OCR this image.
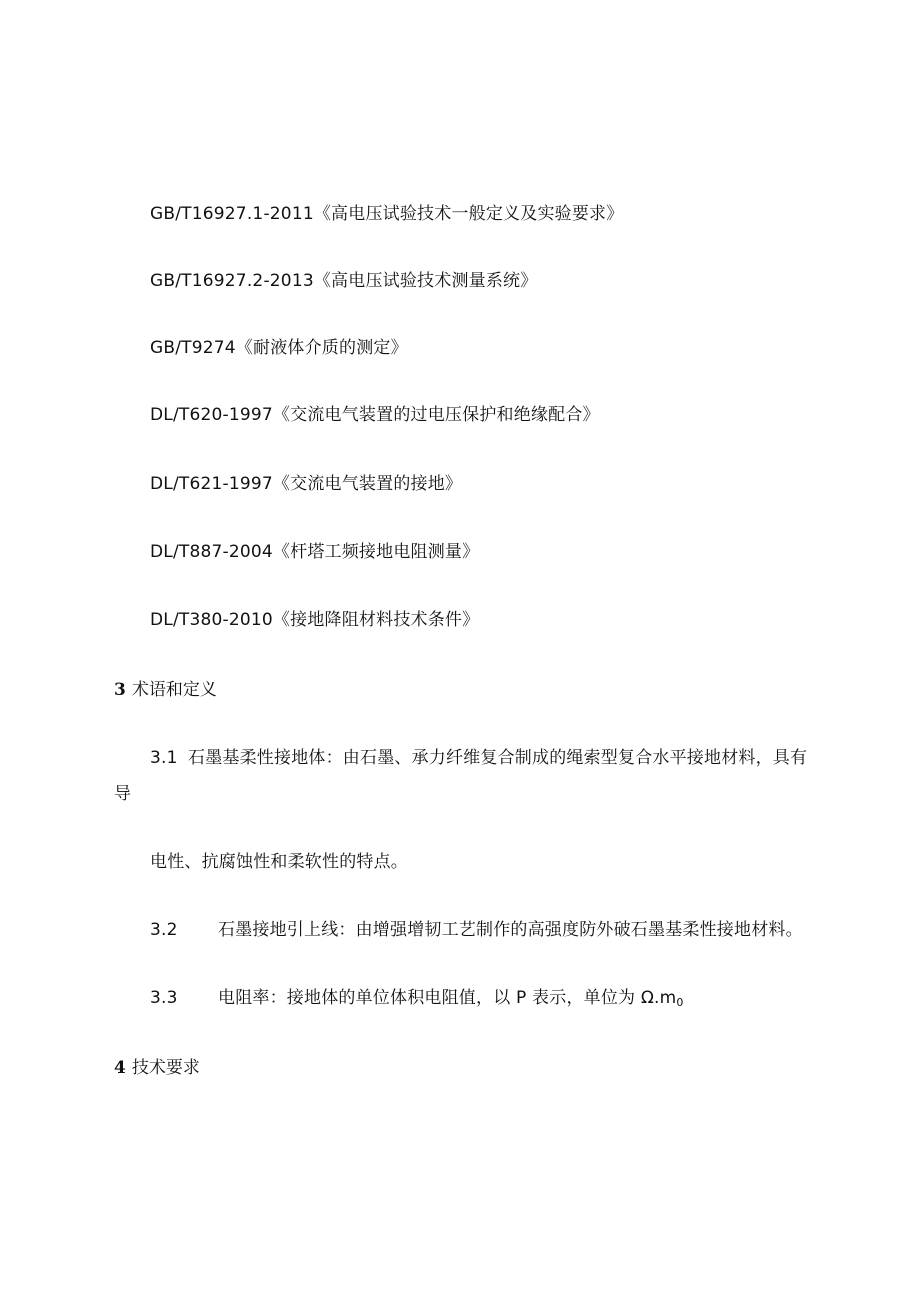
GB/T16927.1-2011《高电压试验技术一般定义及实验要求》
GB/T16927.2-2013《高电压试验技术测量系统》
GB/T9274《耐液体介质的测定》
DL/T620-1997《交流电气装置的过电压保护和绝缘配合》
DL/T621-1997《交流电气装置的接地》
DL/T887-2004《杆塔工频接地电阻测量》
DL/T380-2010《接地降阻材料技术条件》
3 术语和定义
3.1 石墨基柔性接地体：由石墨、承力纤维复合制成的绳索型复合水平接地材料，具有
导
电性、抗腐蚀性和柔软性的特点。
3.2 石墨接地引上线：由增强增韧工艺制作的高强度防外破石墨基柔性接地材料。
3.3 电阻率：接地体的单位体积电阻值，以 P 表示，单位为 $\Omega.m_0$
4 技术要求
